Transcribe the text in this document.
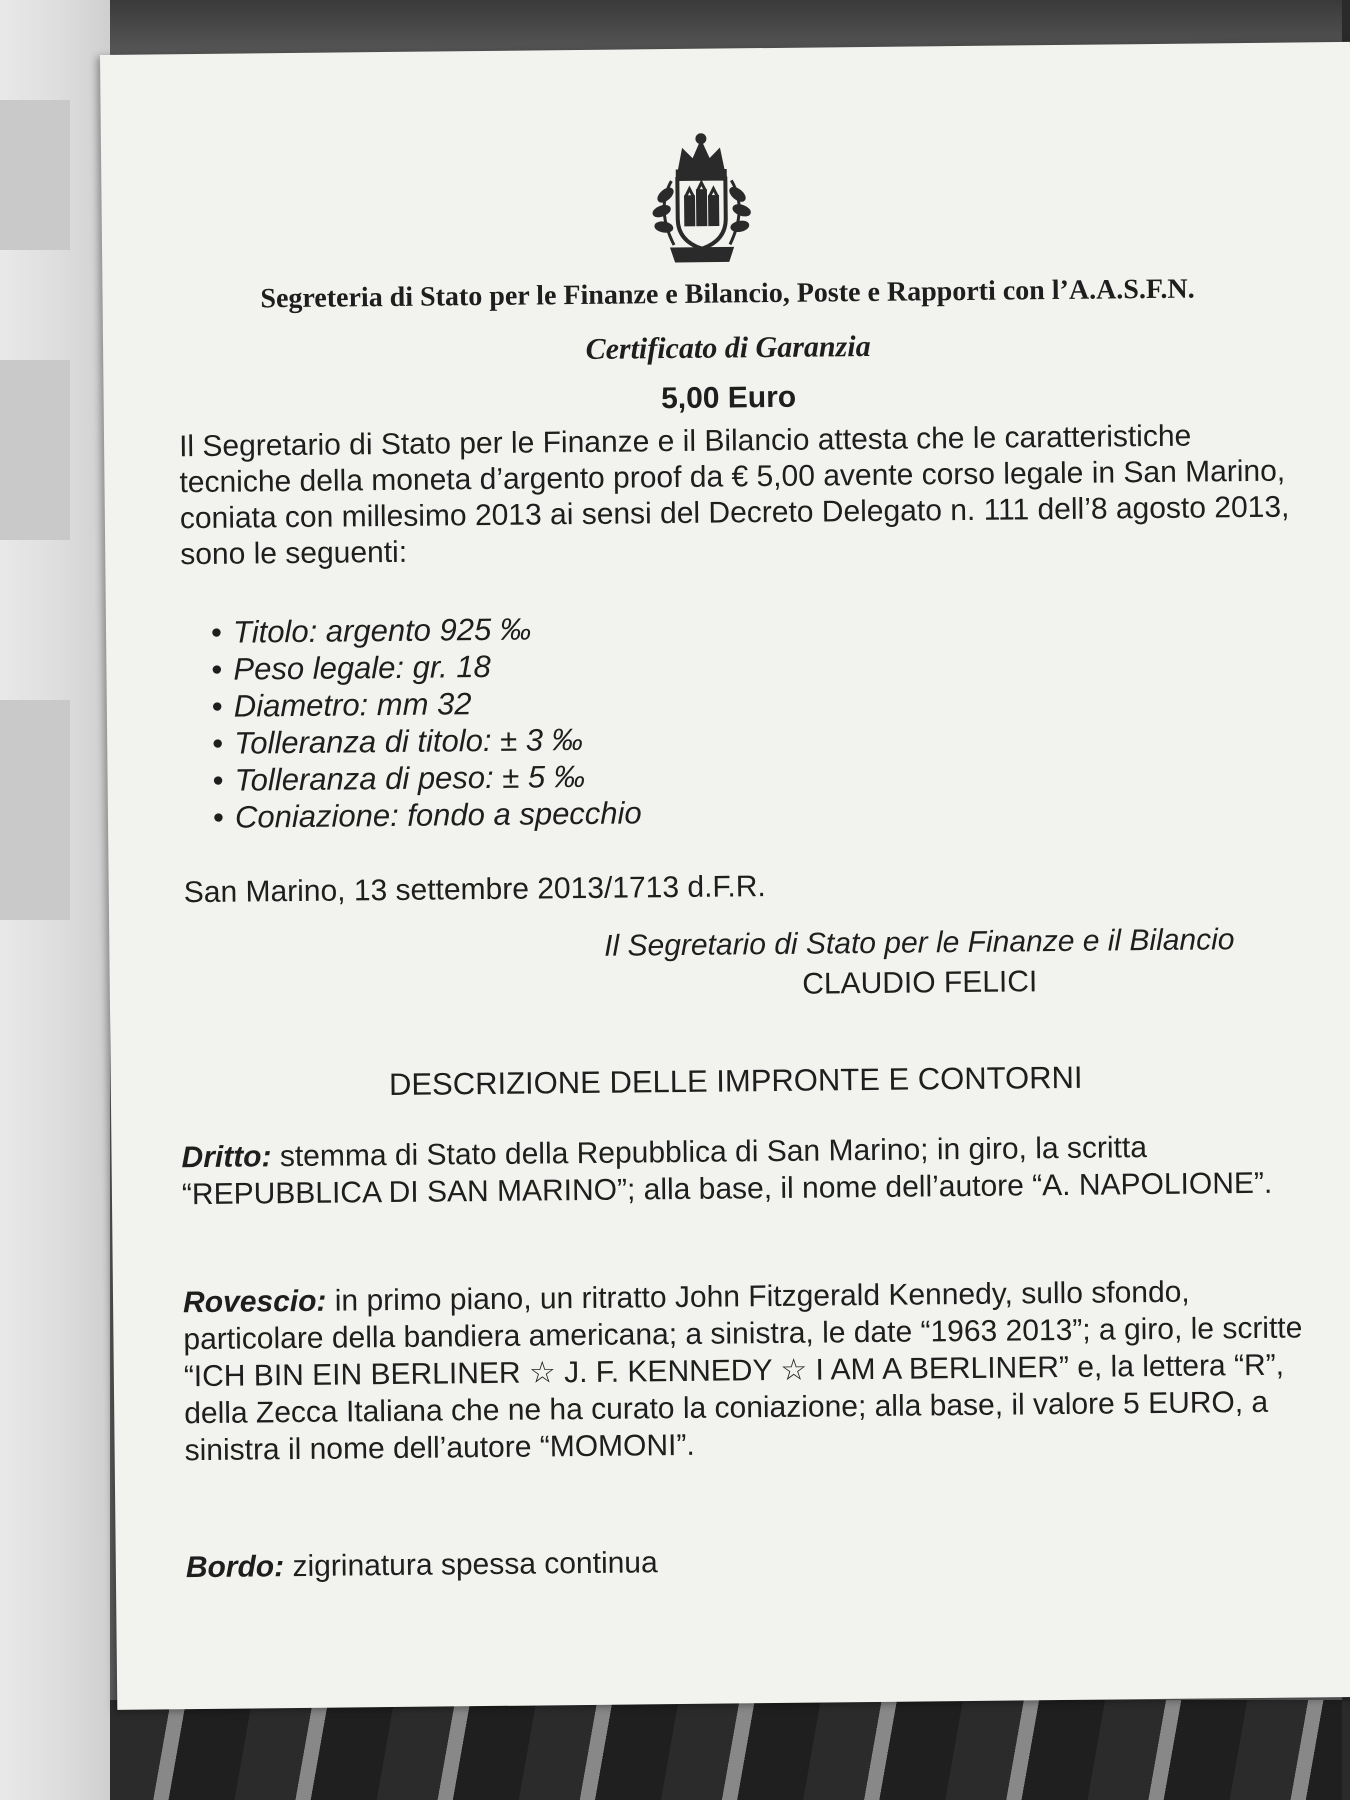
Segreteria di Stato per le Finanze e Bilancio, Poste e Rapporti con l’A.A.S.F.N.

Certificato di Garanzia

5,00 Euro

Il Segretario di Stato per le Finanze e il Bilancio attesta che le caratteristiche tecniche della moneta d’argento proof da € 5,00 avente corso legale in San Marino, coniata con millesimo 2013 ai sensi del Decreto Delegato n. 111 dell’8 agosto 2013, sono le seguenti:

• Titolo: argento 925 ‰
• Peso legale: gr. 18
• Diametro: mm 32
• Tolleranza di titolo: ± 3 ‰
• Tolleranza di peso: ± 5 ‰
• Coniazione: fondo a specchio

San Marino, 13 settembre 2013/1713 d.F.R.

Il Segretario di Stato per le Finanze e il Bilancio

CLAUDIO FELICI

DESCRIZIONE DELLE IMPRONTE E CONTORNI

Dritto: stemma di Stato della Repubblica di San Marino; in giro, la scritta “REPUBBLICA DI SAN MARINO”; alla base, il nome dell’autore “A. NAPOLIONE”.

Rovescio: in primo piano, un ritratto John Fitzgerald Kennedy, sullo sfondo, particolare della bandiera americana; a sinistra, le date “1963 2013”; a giro, le scritte “ICH BIN EIN BERLINER ☆ J. F. KENNEDY ☆ I AM A BERLINER” e, la lettera “R”, della Zecca Italiana che ne ha curato la coniazione; alla base, il valore 5 EURO, a sinistra il nome dell’autore “MOMONI”.

Bordo: zigrinatura spessa continua
